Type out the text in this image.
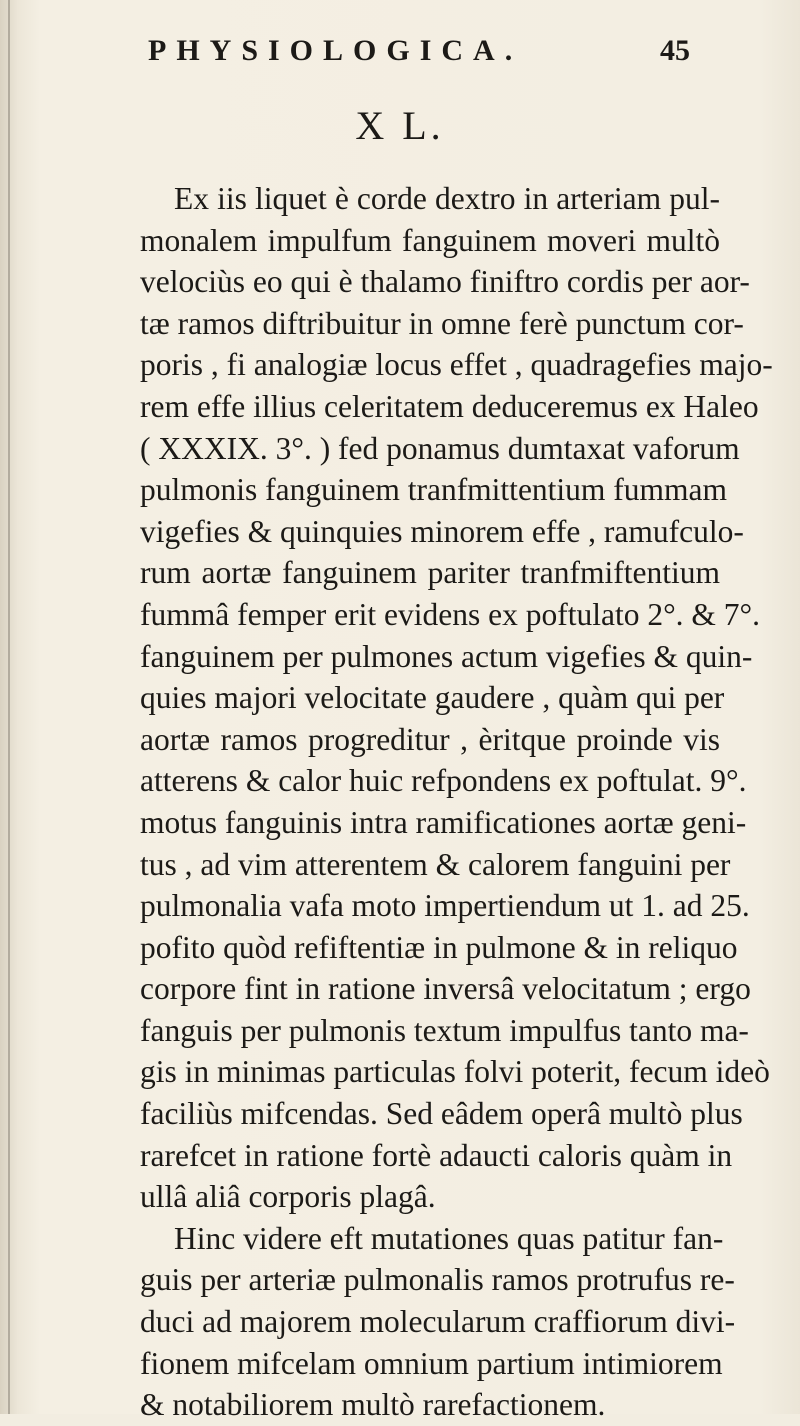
PHYSIOLOGICA.	45
X L.
Ex iis liquet è corde dextro in arteriam pul-
monalem impulfum fanguinem moveri multò
velociùs eo qui è thalamo finiftro cordis per aor-
tæ ramos diftribuitur in omne ferè punctum cor-
poris , fi analogiæ locus effet , quadragefies majo-
rem effe illius celeritatem deduceremus ex Haleo
( XXXIX. 3°. ) fed ponamus dumtaxat vaforum
pulmonis fanguinem tranfmittentium fummam
vigefies & quinquies minorem effe , ramufculo-
rum aortæ fanguinem pariter tranfmiftentium
fummâ femper erit evidens ex poftulato 2°. & 7°.
fanguinem per pulmones actum vigefies & quin-
quies majori velocitate gaudere , quàm qui per
aortæ ramos progreditur , èritque proinde vis
atterens & calor huic refpondens ex poftulat. 9°.
motus fanguinis intra ramificationes aortæ geni-
tus , ad vim atterentem & calorem fanguini per
pulmonalia vafa moto impertiendum ut 1. ad 25.
pofito quòd refiftentiæ in pulmone & in reliquo
corpore fint in ratione inversâ velocitatum ; ergo
fanguis per pulmonis textum impulfus tanto ma-
gis in minimas particulas folvi poterit, fecum ideò
faciliùs mifcendas. Sed eâdem operâ multò plus
rarefcet in ratione fortè adaucti caloris quàm in
ullâ aliâ corporis plagâ.
Hinc videre eft mutationes quas patitur fan-
guis per arteriæ pulmonalis ramos protrufus re-
duci ad majorem molecularum craffiorum divi-
fionem mifcelam omnium partium intimiorem
& notabiliorem multò rarefactionem.
